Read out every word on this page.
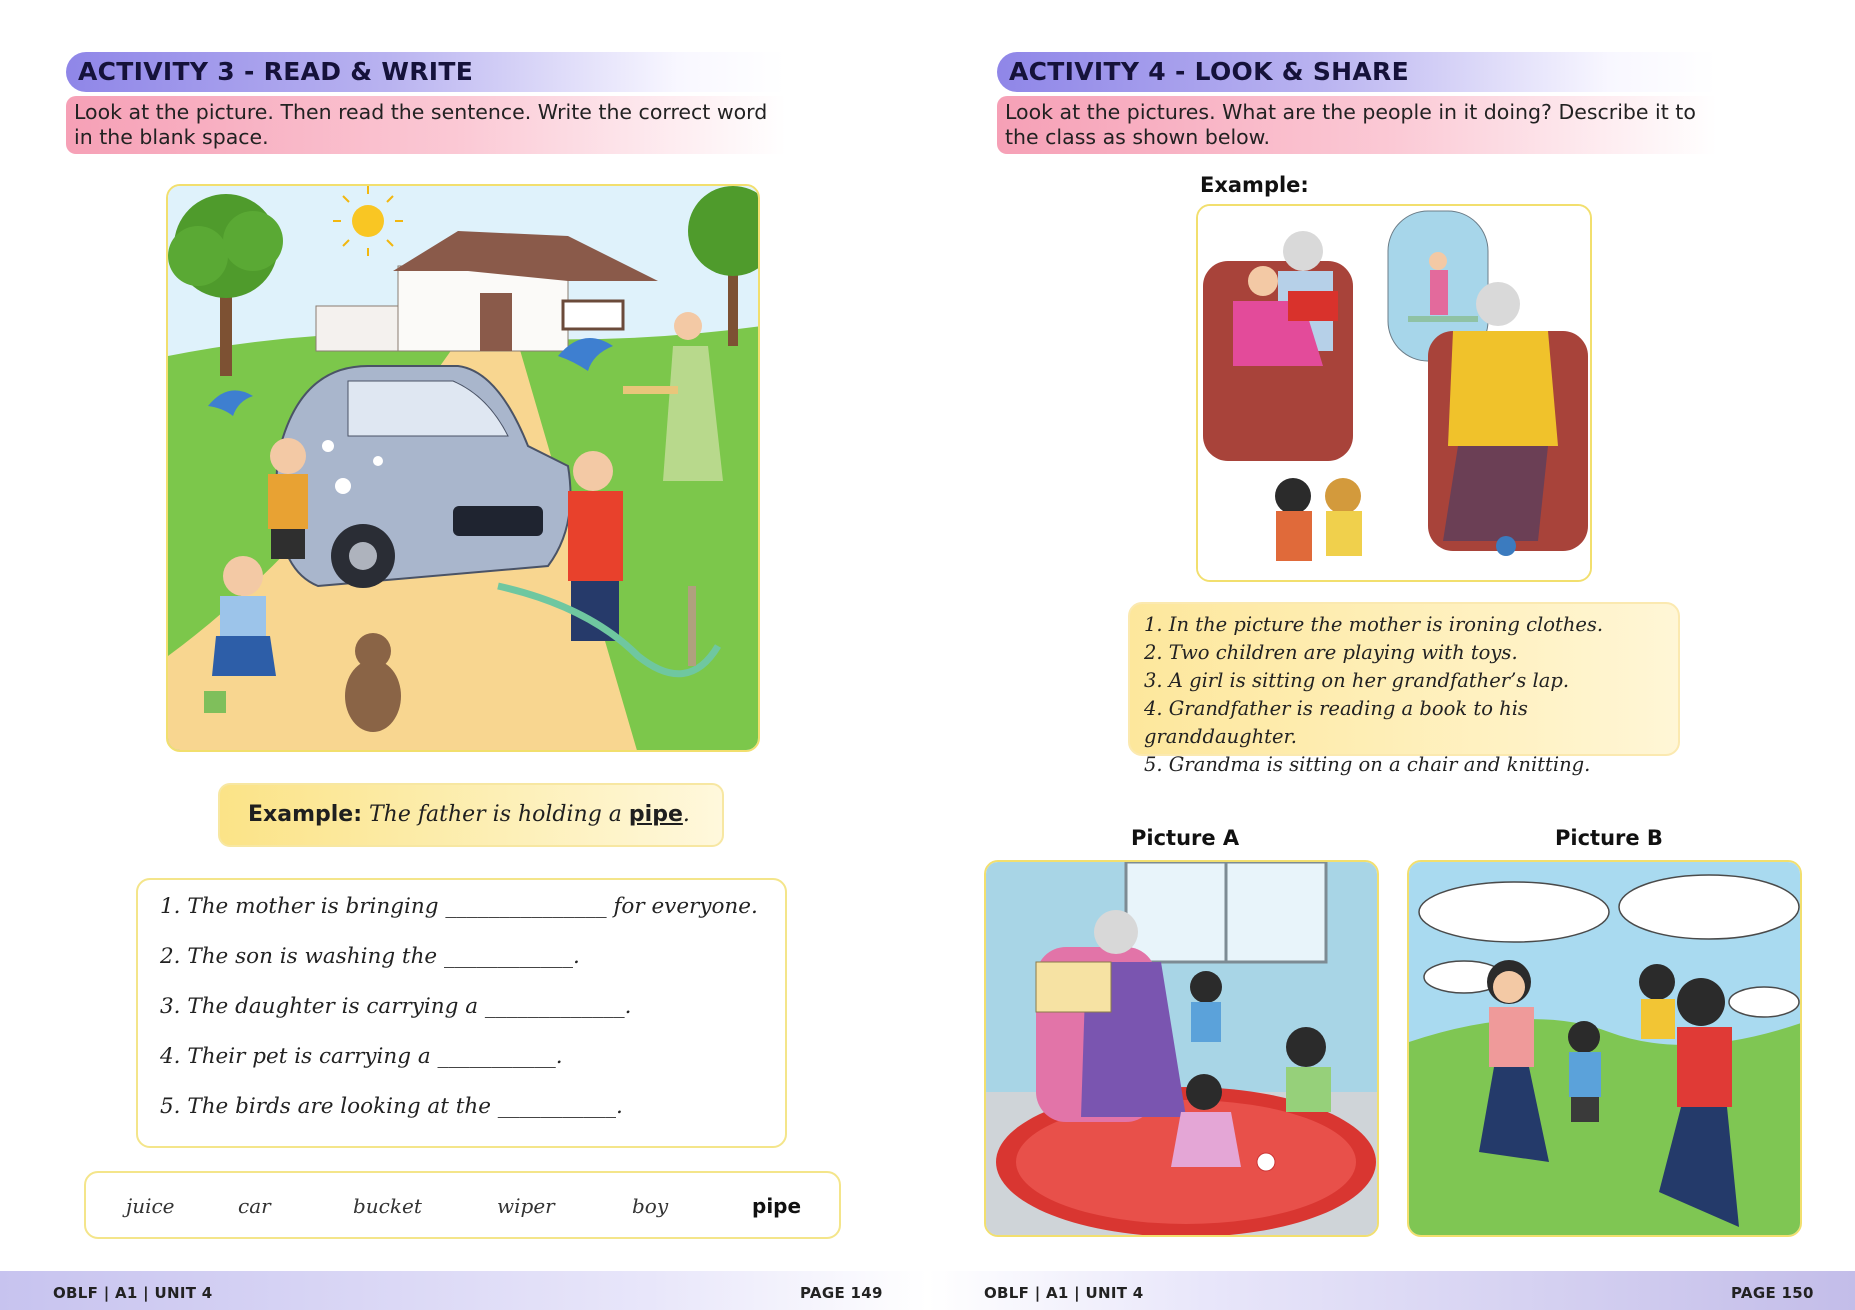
ACTIVITY 3 - READ & WRITE
Look at the picture. Then read the sentence. Write the correct word in the blank space.
Example: The father is holding a pipe.
1. The mother is bringing _______________ for everyone.
2. The son is washing the ____________.
3. The daughter is carrying a _____________.
4. Their pet is carrying a ___________.
5. The birds are looking at the ___________.
juice	car	bucket	wiper	boy	pipe
ACTIVITY 4 - LOOK & SHARE
Look at the pictures. What are the people in it doing? Describe it to the class as shown below.
Example:
1. In the picture the mother is ironing clothes.
2. Two children are playing with toys.
3. A girl is sitting on her grandfather’s lap.
4. Grandfather is reading a book to his granddaughter.
5. Grandma is sitting on a chair and knitting.
Picture A	Picture B
OBLF | A1 | UNIT 4	PAGE 149	OBLF | A1 | UNIT 4	PAGE 150
